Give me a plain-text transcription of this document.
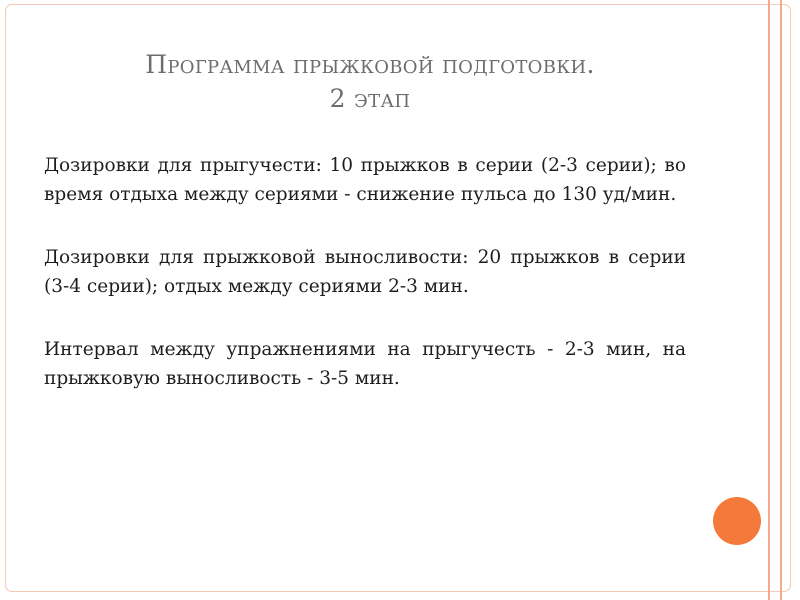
Программа прыжковой подготовки.
2 этап

Дозировки для прыгучести: 10 прыжков в серии (2-3 серии); во время отдыха между сериями - снижение пульса до 130 уд/мин.

Дозировки для прыжковой выносливости: 20 прыжков в серии (3-4 серии); отдых между сериями 2-3 мин.

Интервал между упражнениями на прыгучесть - 2-3 мин, на прыжковую выносливость - 3-5 мин.
